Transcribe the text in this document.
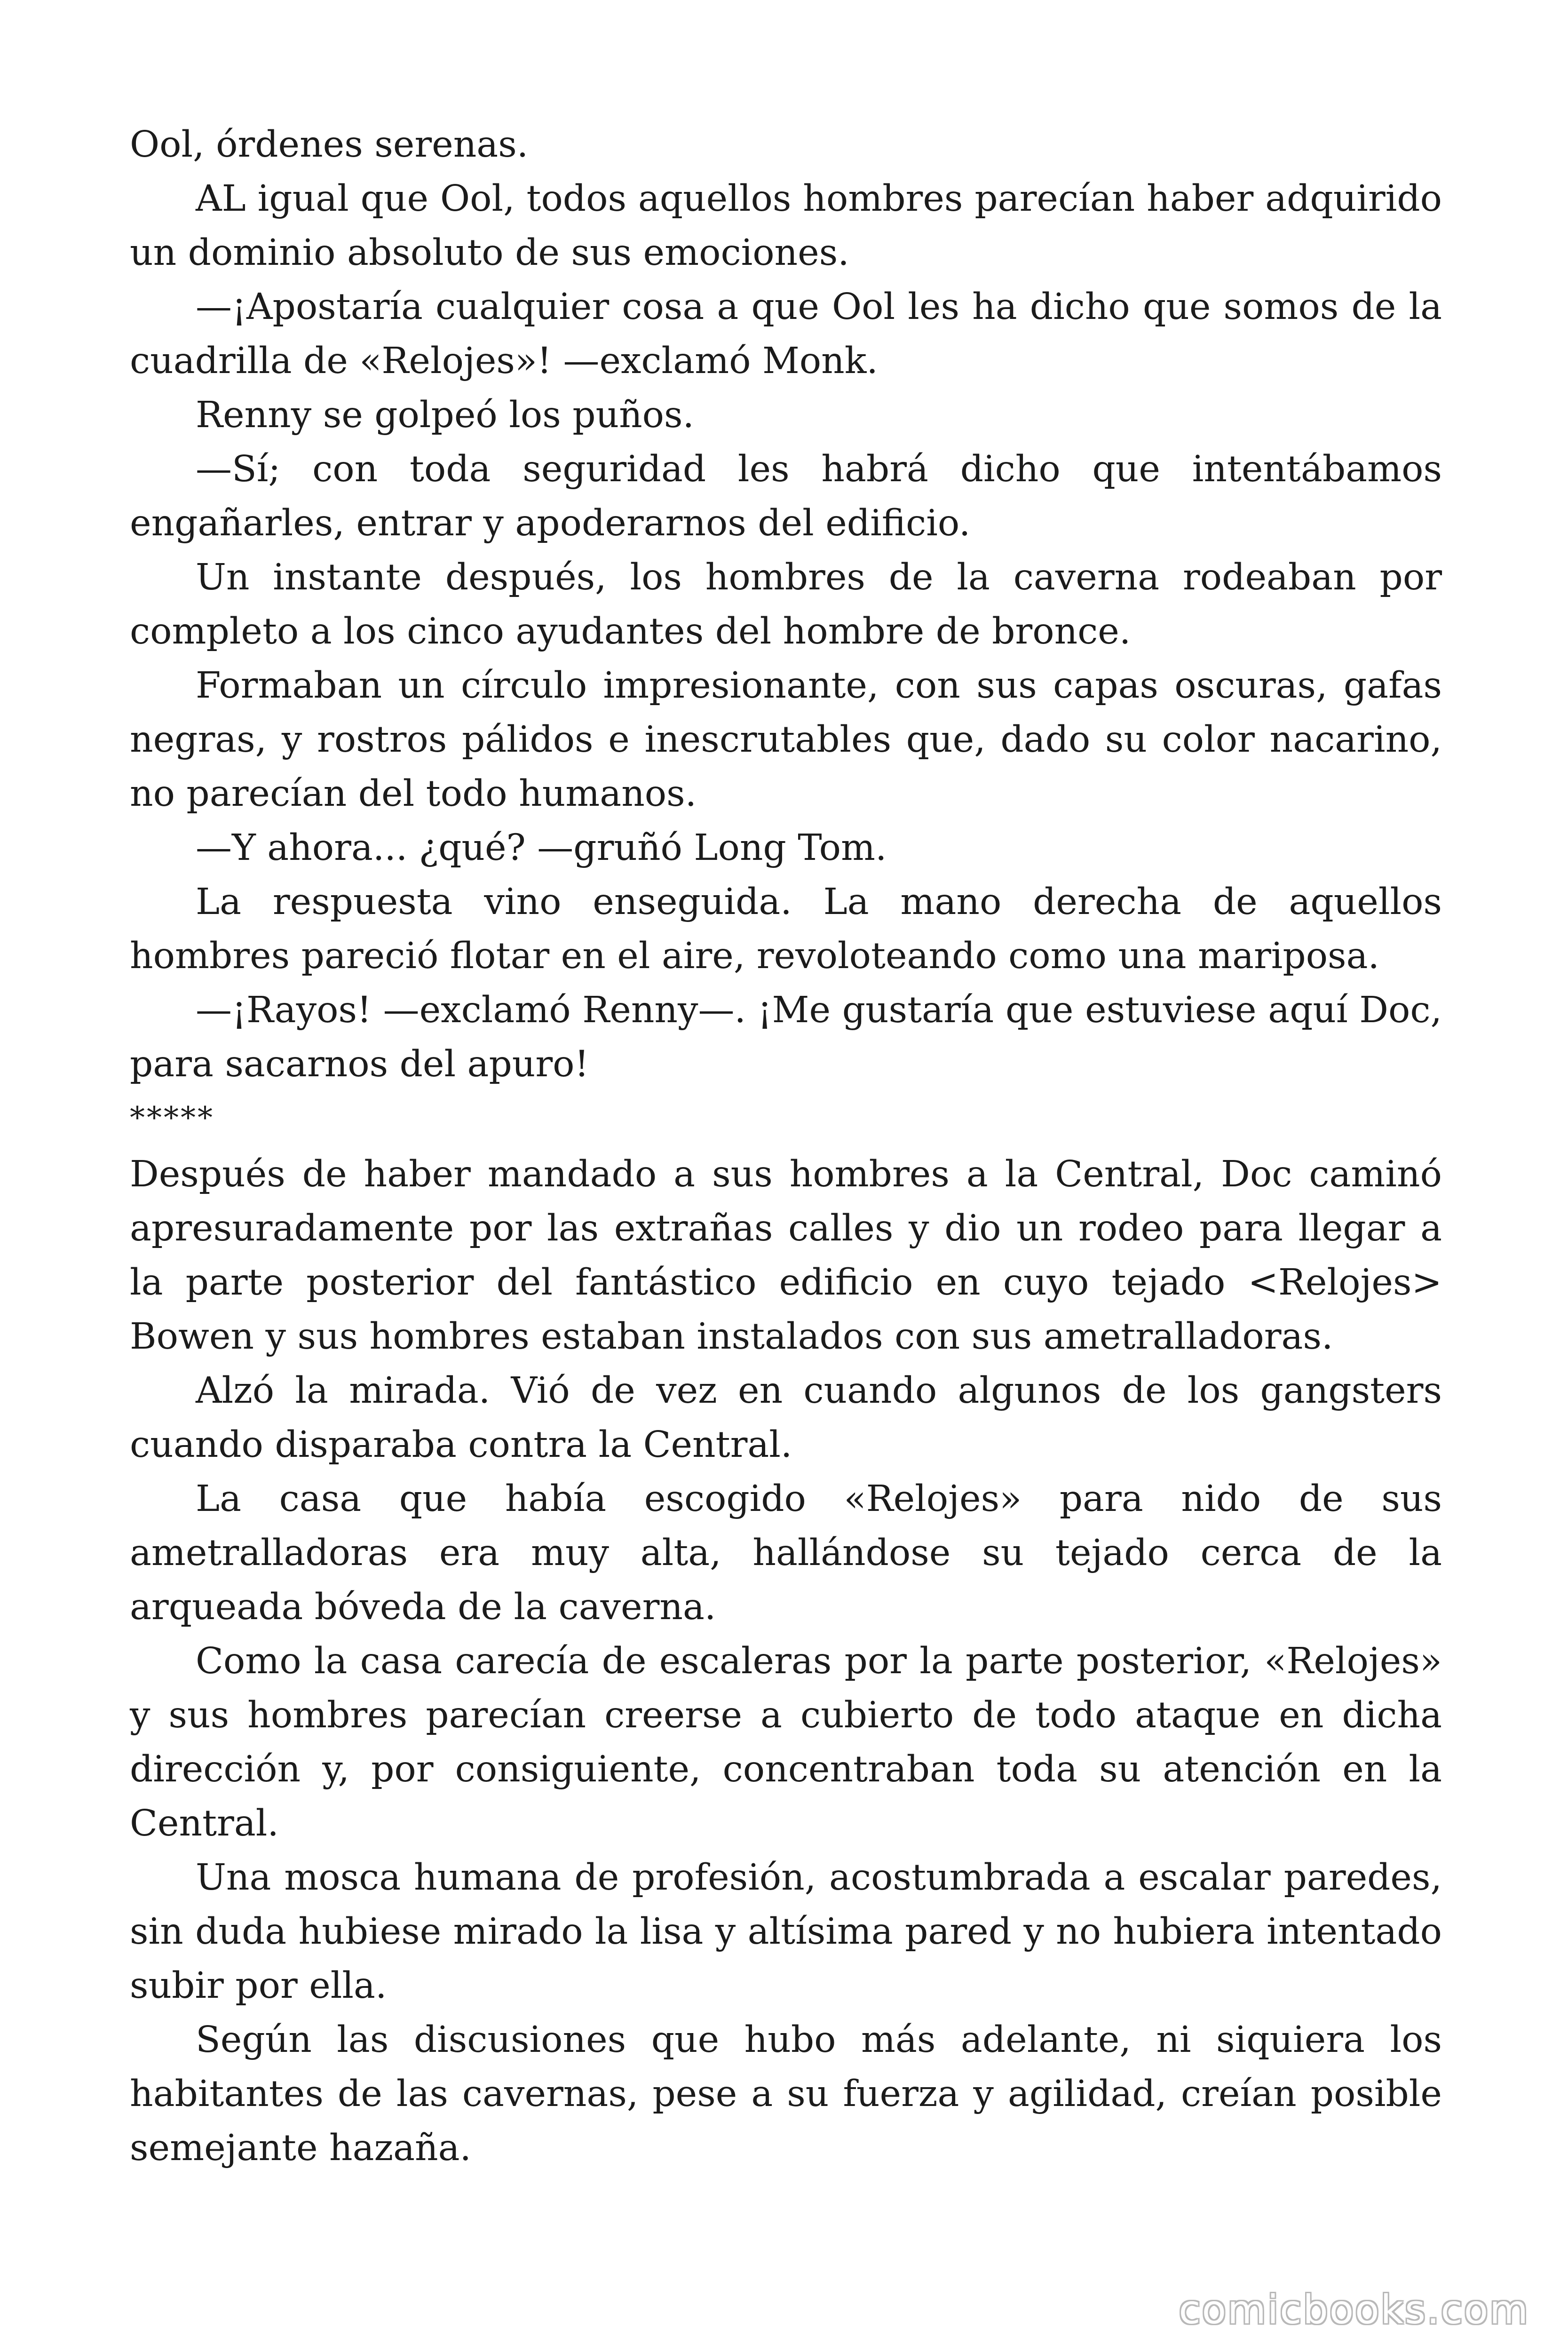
Ool, órdenes serenas.

AL igual que Ool, todos aquellos hombres parecían haber adquirido un dominio absoluto de sus emociones.

—¡Apostaría cualquier cosa a que Ool les ha dicho que somos de la cuadrilla de «Relojes»! —exclamó Monk.

Renny se golpeó los puños.

—Sí; con toda seguridad les habrá dicho que intentábamos engañarles, entrar y apoderarnos del edificio.

Un instante después, los hombres de la caverna rodeaban por completo a los cinco ayudantes del hombre de bronce.

Formaban un círculo impresionante, con sus capas oscuras, gafas negras, y rostros pálidos e inescrutables que, dado su color nacarino, no parecían del todo humanos.

—Y ahora... ¿qué? —gruñó Long Tom.

La respuesta vino enseguida. La mano derecha de aquellos hombres pareció flotar en el aire, revoloteando como una mariposa.

—¡Rayos! —exclamó Renny—. ¡Me gustaría que estuviese aquí Doc, para sacarnos del apuro!

*****

Después de haber mandado a sus hombres a la Central, Doc caminó apresuradamente por las extrañas calles y dio un rodeo para llegar a la parte posterior del fantástico edificio en cuyo tejado <Relojes> Bowen y sus hombres estaban instalados con sus ametralladoras.

Alzó la mirada. Vió de vez en cuando algunos de los gangsters cuando disparaba contra la Central.

La casa que había escogido «Relojes» para nido de sus ametralladoras era muy alta, hallándose su tejado cerca de la arqueada bóveda de la caverna.

Como la casa carecía de escaleras por la parte posterior, «Relojes» y sus hombres parecían creerse a cubierto de todo ataque en dicha dirección y, por consiguiente, concentraban toda su atención en la Central.

Una mosca humana de profesión, acostumbrada a escalar paredes, sin duda hubiese mirado la lisa y altísima pared y no hubiera intentado subir por ella.

Según las discusiones que hubo más adelante, ni siquiera los habitantes de las cavernas, pese a su fuerza y agilidad, creían posible semejante hazaña.

comicbooks.com
